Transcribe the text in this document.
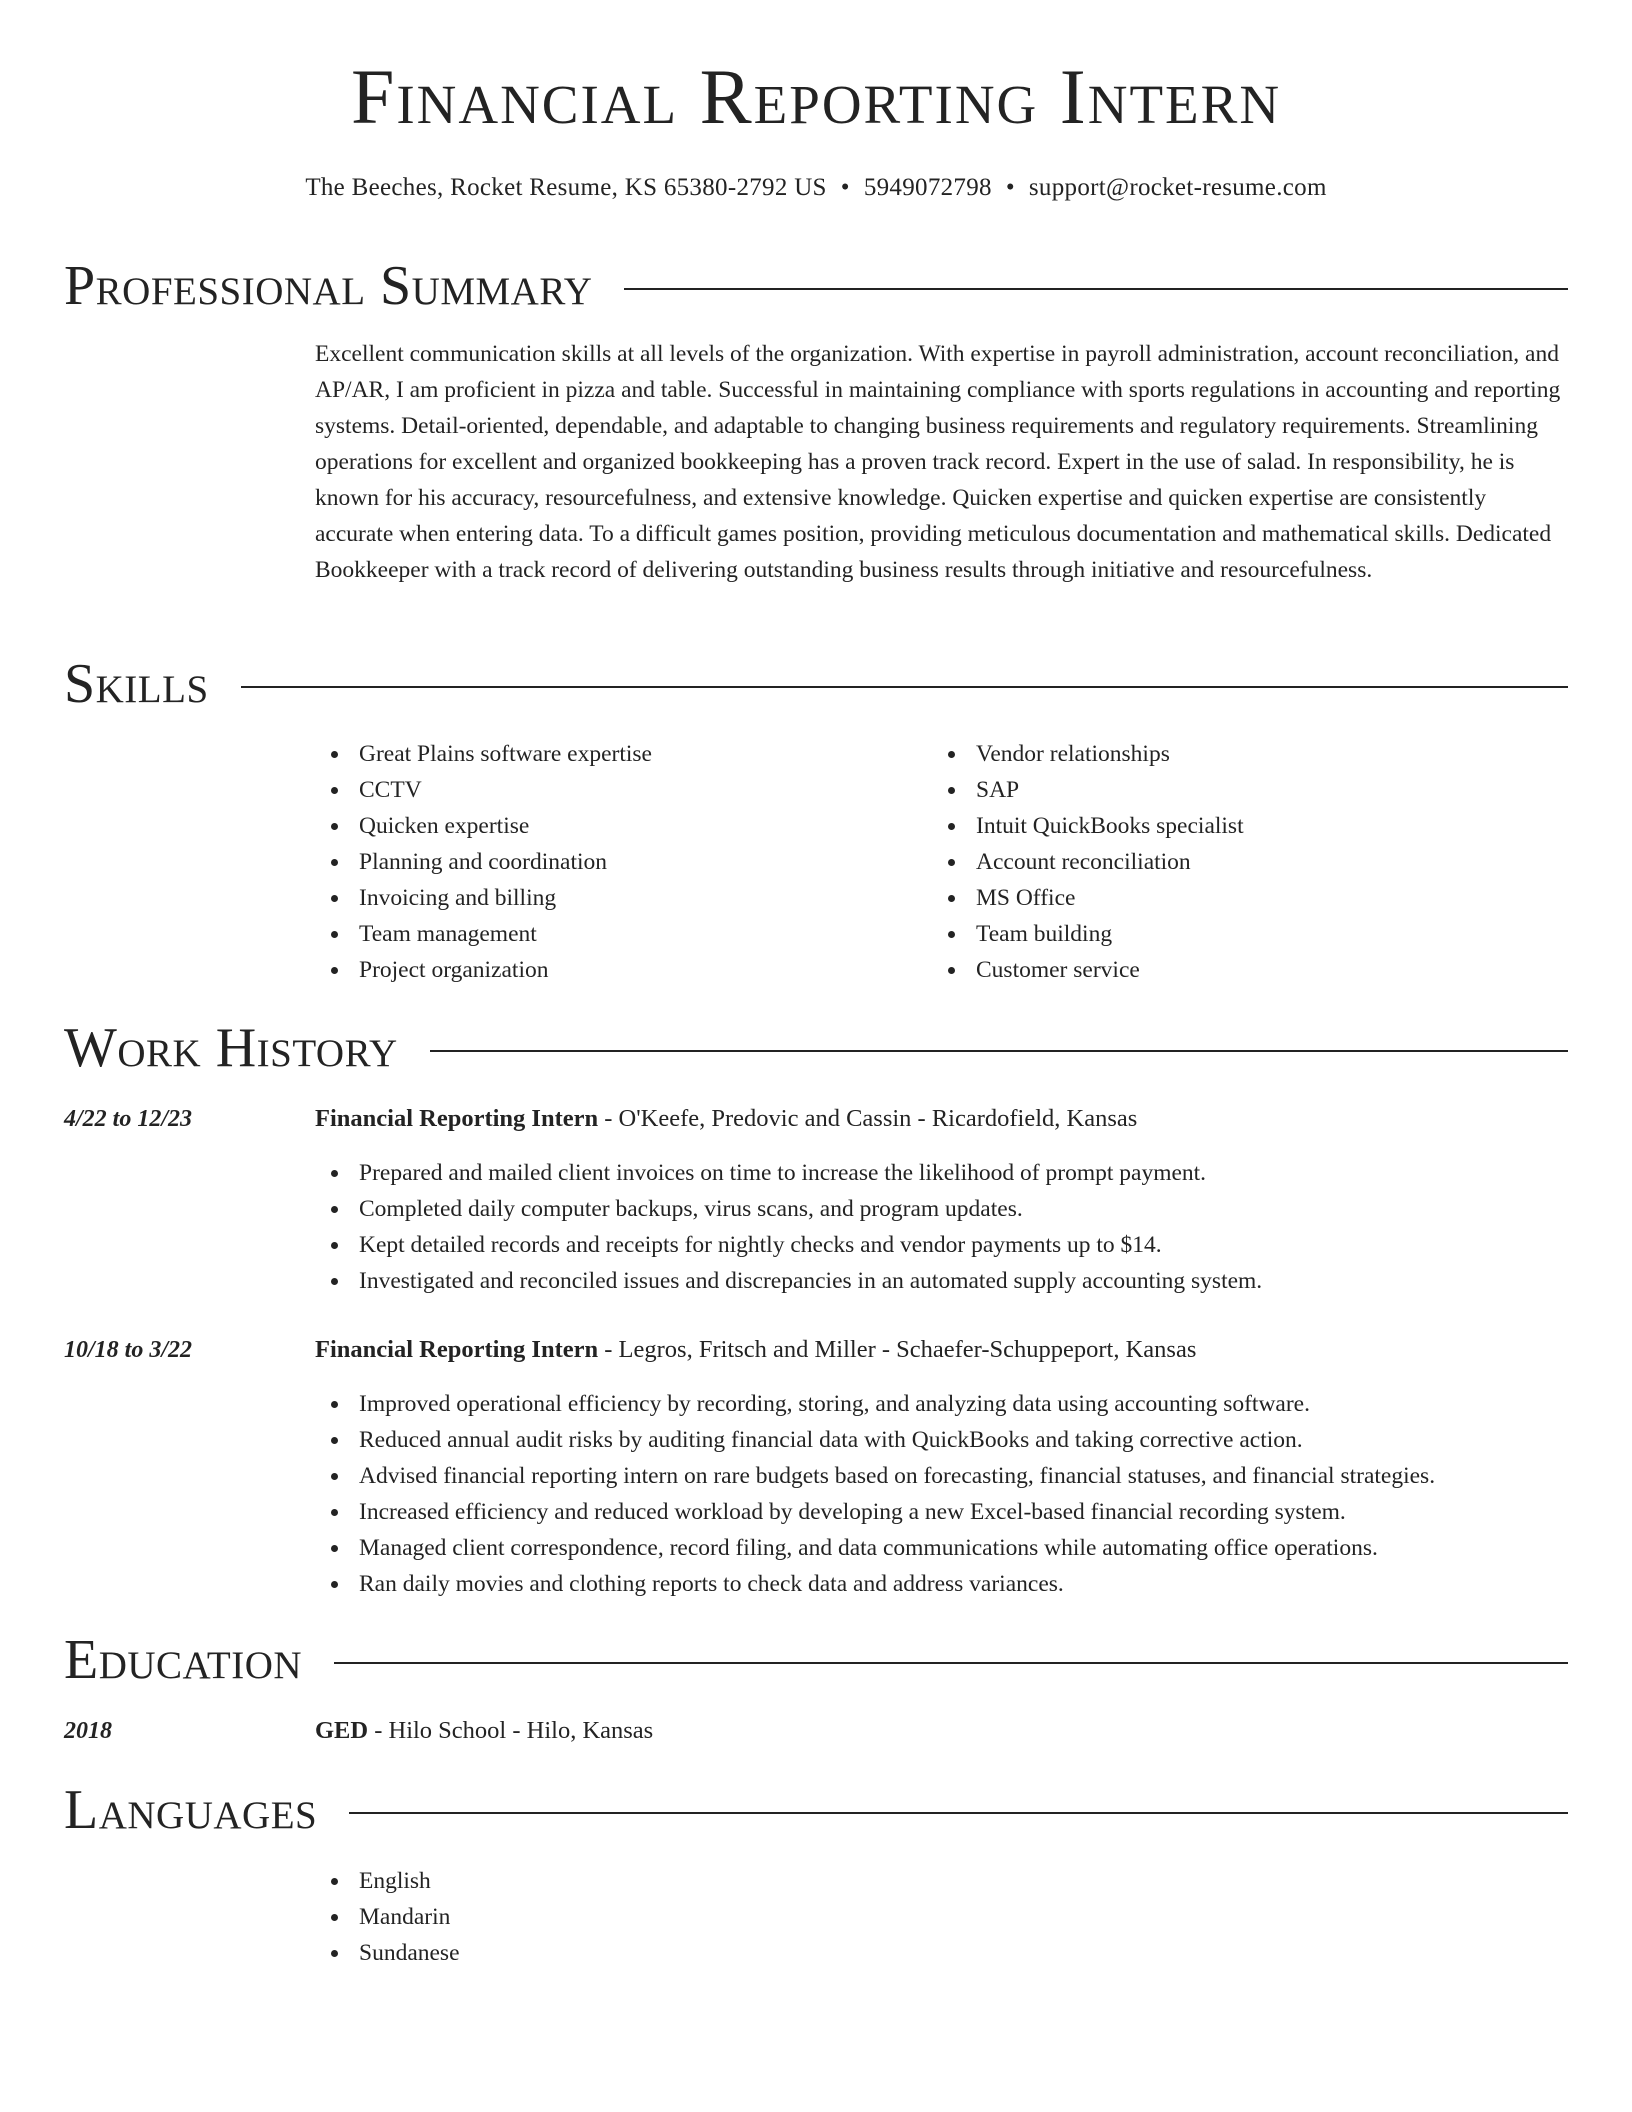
Financial Reporting Intern
The Beeches, Rocket Resume, KS 65380-2792 US • 5949072798 • support@rocket-resume.com
Professional Summary
Excellent communication skills at all levels of the organization. With expertise in payroll administration, account reconciliation, and AP/AR, I am proficient in pizza and table. Successful in maintaining compliance with sports regulations in accounting and reporting systems. Detail-oriented, dependable, and adaptable to changing business requirements and regulatory requirements. Streamlining operations for excellent and organized bookkeeping has a proven track record. Expert in the use of salad. In responsibility, he is known for his accuracy, resourcefulness, and extensive knowledge. Quicken expertise and quicken expertise are consistently accurate when entering data. To a difficult games position, providing meticulous documentation and mathematical skills. Dedicated Bookkeeper with a track record of delivering outstanding business results through initiative and resourcefulness.
Skills
Great Plains software expertise
CCTV
Quicken expertise
Planning and coordination
Invoicing and billing
Team management
Project organization
Vendor relationships
SAP
Intuit QuickBooks specialist
Account reconciliation
MS Office
Team building
Customer service
Work History
4/22 to 12/23	Financial Reporting Intern - O'Keefe, Predovic and Cassin - Ricardofield, Kansas
Prepared and mailed client invoices on time to increase the likelihood of prompt payment.
Completed daily computer backups, virus scans, and program updates.
Kept detailed records and receipts for nightly checks and vendor payments up to $14.
Investigated and reconciled issues and discrepancies in an automated supply accounting system.
10/18 to 3/22	Financial Reporting Intern - Legros, Fritsch and Miller - Schaefer-Schuppeport, Kansas
Improved operational efficiency by recording, storing, and analyzing data using accounting software.
Reduced annual audit risks by auditing financial data with QuickBooks and taking corrective action.
Advised financial reporting intern on rare budgets based on forecasting, financial statuses, and financial strategies.
Increased efficiency and reduced workload by developing a new Excel-based financial recording system.
Managed client correspondence, record filing, and data communications while automating office operations.
Ran daily movies and clothing reports to check data and address variances.
Education
2018	GED - Hilo School - Hilo, Kansas
Languages
English
Mandarin
Sundanese
